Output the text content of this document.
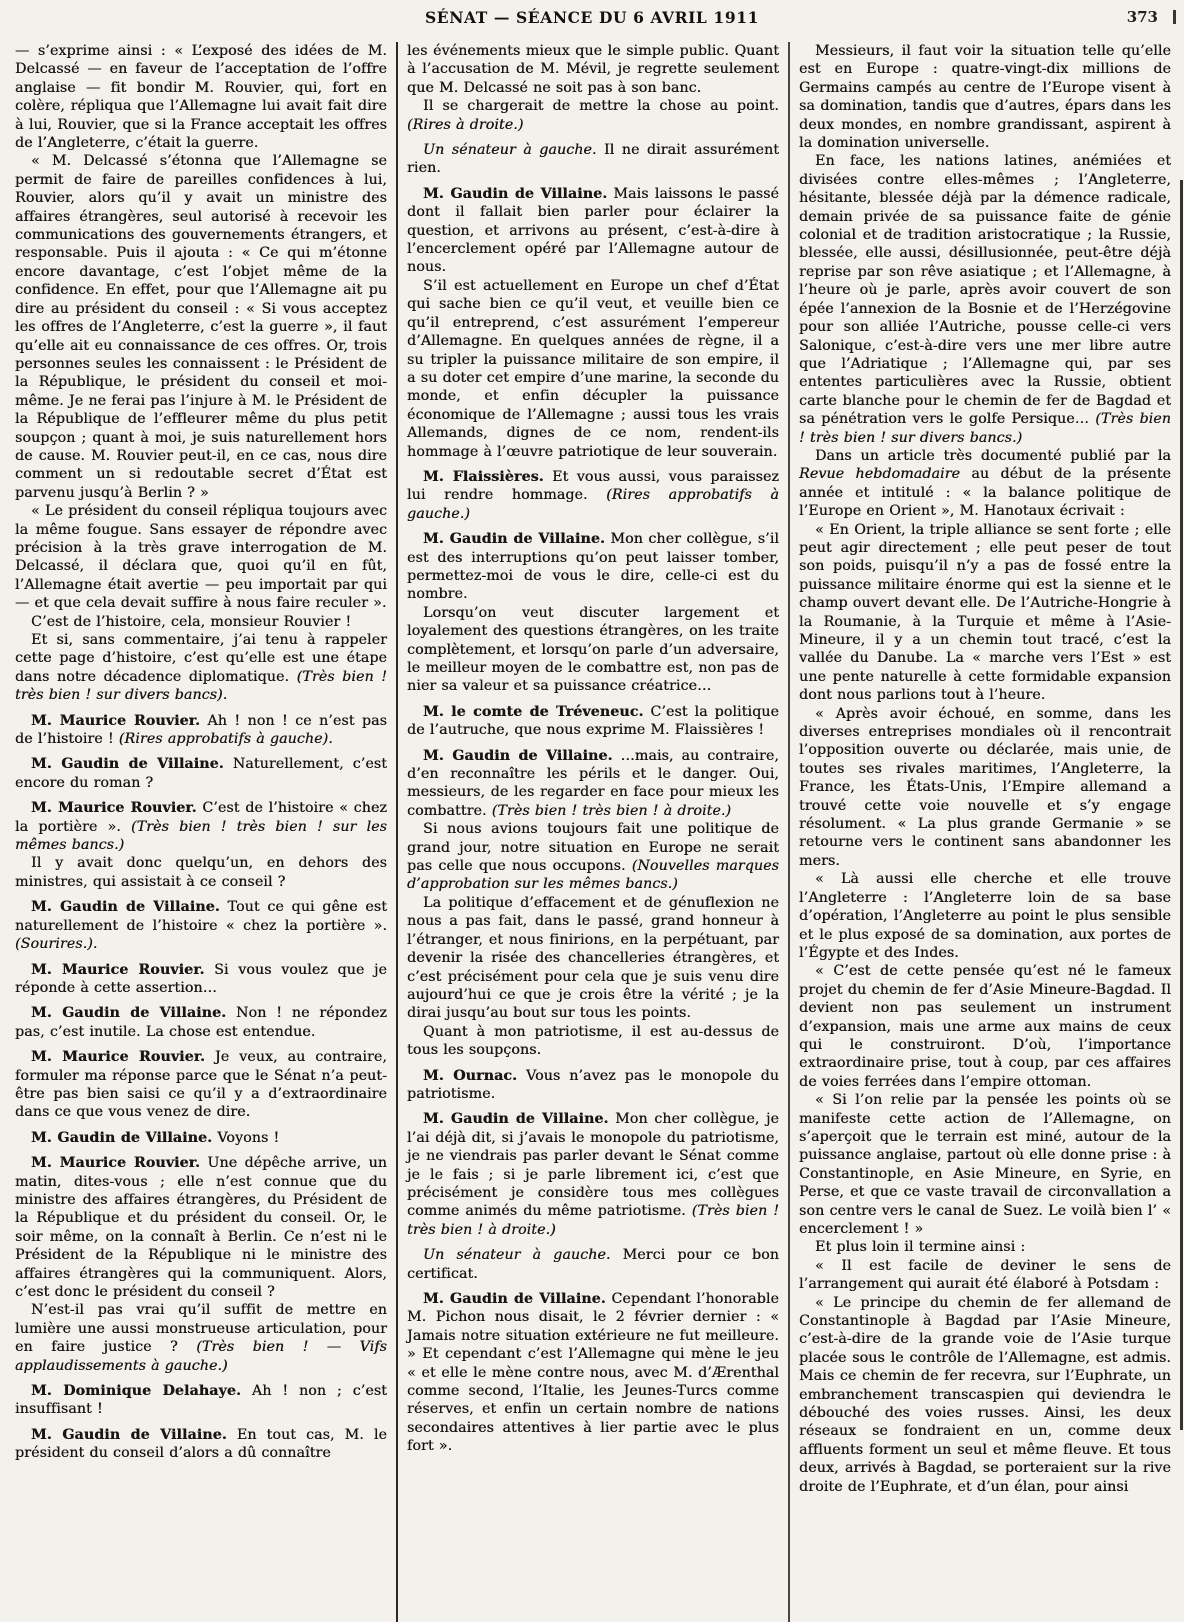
SÉNAT — SÉANCE DU 6 AVRIL 1911	373

— s’exprime ainsi : « L’exposé des idées de M. Delcassé — en faveur de l’acceptation de l’offre anglaise — fit bondir M. Rouvier, qui, fort en colère, répliqua que l’Allemagne lui avait fait dire à lui, Rouvier, que si la France acceptait les offres de l’Angleterre, c’était la guerre.

« M. Delcassé s’étonna que l’Allemagne se permit de faire de pareilles confidences à lui, Rouvier, alors qu’il y avait un ministre des affaires étrangères, seul autorisé à recevoir les communications des gouvernements étrangers, et responsable. Puis il ajouta : « Ce qui m’étonne encore davantage, c’est l’objet même de la confidence. En effet, pour que l’Allemagne ait pu dire au président du conseil : « Si vous acceptez les offres de l’Angleterre, c’est la guerre », il faut qu’elle ait eu connaissance de ces offres. Or, trois personnes seules les connaissent : le Président de la République, le président du conseil et moi-même. Je ne ferai pas l’injure à M. le Président de la République de l’effleurer même du plus petit soupçon ; quant à moi, je suis naturellement hors de cause. M. Rouvier peut-il, en ce cas, nous dire comment un si redoutable secret d’État est parvenu jusqu’à Berlin ? »

« Le président du conseil répliqua toujours avec la même fougue. Sans essayer de répondre avec précision à la très grave interrogation de M. Delcassé, il déclara que, quoi qu’il en fût, l’Allemagne était avertie — peu importait par qui — et que cela devait suffire à nous faire reculer ».

C’est de l’histoire, cela, monsieur Rouvier !

Et si, sans commentaire, j’ai tenu à rappeler cette page d’histoire, c’est qu’elle est une étape dans notre décadence diplomatique. (Très bien ! très bien ! sur divers bancs).

M. Maurice Rouvier. Ah ! non ! ce n’est pas de l’histoire ! (Rires approbatifs à gauche).

M. Gaudin de Villaine. Naturellement, c’est encore du roman ?

M. Maurice Rouvier. C’est de l’histoire « chez la portière ». (Très bien ! très bien ! sur les mêmes bancs.)

Il y avait donc quelqu’un, en dehors des ministres, qui assistait à ce conseil ?

M. Gaudin de Villaine. Tout ce qui gêne est naturellement de l’histoire « chez la portière ». (Sourires.).

M. Maurice Rouvier. Si vous voulez que je réponde à cette assertion…

M. Gaudin de Villaine. Non ! ne répondez pas, c’est inutile. La chose est entendue.

M. Maurice Rouvier. Je veux, au contraire, formuler ma réponse parce que le Sénat n’a peut-être pas bien saisi ce qu’il y a d’extraordinaire dans ce que vous venez de dire.

M. Gaudin de Villaine. Voyons !

M. Maurice Rouvier. Une dépêche arrive, un matin, dites-vous ; elle n’est connue que du ministre des affaires étrangères, du Président de la République et du président du conseil. Or, le soir même, on la connaît à Berlin. Ce n’est ni le Président de la République ni le ministre des affaires étrangères qui la communiquent. Alors, c’est donc le président du conseil ?

N’est-il pas vrai qu’il suffit de mettre en lumière une aussi monstrueuse articulation, pour en faire justice ? (Très bien ! — Vifs applaudissements à gauche.)

M. Dominique Delahaye. Ah ! non ; c’est insuffisant !

M. Gaudin de Villaine. En tout cas, M. le président du conseil d’alors a dû connaître

les événements mieux que le simple public. Quant à l’accusation de M. Mévil, je regrette seulement que M. Delcassé ne soit pas à son banc.

Il se chargerait de mettre la chose au point. (Rires à droite.)

Un sénateur à gauche. Il ne dirait assurément rien.

M. Gaudin de Villaine. Mais laissons le passé dont il fallait bien parler pour éclairer la question, et arrivons au présent, c’est-à-dire à l’encerclement opéré par l’Allemagne autour de nous.

S’il est actuellement en Europe un chef d’État qui sache bien ce qu’il veut, et veuille bien ce qu’il entreprend, c’est assurément l’empereur d’Allemagne. En quelques années de règne, il a su tripler la puissance militaire de son empire, il a su doter cet empire d’une marine, la seconde du monde, et enfin décupler la puissance économique de l’Allemagne ; aussi tous les vrais Allemands, dignes de ce nom, rendent-ils hommage à l’œuvre patriotique de leur souverain.

M. Flaissières. Et vous aussi, vous paraissez lui rendre hommage. (Rires approbatifs à gauche.)

M. Gaudin de Villaine. Mon cher collègue, s’il est des interruptions qu’on peut laisser tomber, permettez-moi de vous le dire, celle-ci est du nombre.

Lorsqu’on veut discuter largement et loyalement des questions étrangères, on les traite complètement, et lorsqu’on parle d’un adversaire, le meilleur moyen de le combattre est, non pas de nier sa valeur et sa puissance créatrice…

M. le comte de Tréveneuc. C’est la politique de l’autruche, que nous exprime M. Flaissières !

M. Gaudin de Villaine. …mais, au contraire, d’en reconnaître les périls et le danger. Oui, messieurs, de les regarder en face pour mieux les combattre. (Très bien ! très bien ! à droite.)

Si nous avions toujours fait une politique de grand jour, notre situation en Europe ne serait pas celle que nous occupons. (Nouvelles marques d’approbation sur les mêmes bancs.)

La politique d’effacement et de génuflexion ne nous a pas fait, dans le passé, grand honneur à l’étranger, et nous finirions, en la perpétuant, par devenir la risée des chancelleries étrangères, et c’est précisément pour cela que je suis venu dire aujourd’hui ce que je crois être la vérité ; je la dirai jusqu’au bout sur tous les points.

Quant à mon patriotisme, il est au-dessus de tous les soupçons.

M. Ournac. Vous n’avez pas le monopole du patriotisme.

M. Gaudin de Villaine. Mon cher collègue, je l’ai déjà dit, si j’avais le monopole du patriotisme, je ne viendrais pas parler devant le Sénat comme je le fais ; si je parle librement ici, c’est que précisément je considère tous mes collègues comme animés du même patriotisme. (Très bien ! très bien ! à droite.)

Un sénateur à gauche. Merci pour ce bon certificat.

M. Gaudin de Villaine. Cependant l’honorable M. Pichon nous disait, le 2 février dernier : « Jamais notre situation extérieure ne fut meilleure. » Et cependant c’est l’Allemagne qui mène le jeu « et elle le mène contre nous, avec M. d’Ærenthal comme second, l’Italie, les Jeunes-Turcs comme réserves, et enfin un certain nombre de nations secondaires attentives à lier partie avec le plus fort ».

Messieurs, il faut voir la situation telle qu’elle est en Europe : quatre-vingt-dix millions de Germains campés au centre de l’Europe visent à sa domination, tandis que d’autres, épars dans les deux mondes, en nombre grandissant, aspirent à la domination universelle.

En face, les nations latines, anémiées et divisées contre elles-mêmes ; l’Angleterre, hésitante, blessée déjà par la démence radicale, demain privée de sa puissance faite de génie colonial et de tradition aristocratique ; la Russie, blessée, elle aussi, désillusionnée, peut-être déjà reprise par son rêve asiatique ; et l’Allemagne, à l’heure où je parle, après avoir couvert de son épée l’annexion de la Bosnie et de l’Herzégovine pour son alliée l’Autriche, pousse celle-ci vers Salonique, c’est-à-dire vers une mer libre autre que l’Adriatique ; l’Allemagne qui, par ses ententes particulières avec la Russie, obtient carte blanche pour le chemin de fer de Bagdad et sa pénétration vers le golfe Persique… (Très bien ! très bien ! sur divers bancs.)

Dans un article très documenté publié par la Revue hebdomadaire au début de la présente année et intitulé : « la balance politique de l’Europe en Orient », M. Hanotaux écrivait :

« En Orient, la triple alliance se sent forte ; elle peut agir directement ; elle peut peser de tout son poids, puisqu’il n’y a pas de fossé entre la puissance militaire énorme qui est la sienne et le champ ouvert devant elle. De l’Autriche-Hongrie à la Roumanie, à la Turquie et même à l’Asie-Mineure, il y a un chemin tout tracé, c’est la vallée du Danube. La « marche vers l’Est » est une pente naturelle à cette formidable expansion dont nous parlions tout à l’heure.

« Après avoir échoué, en somme, dans les diverses entreprises mondiales où il rencontrait l’opposition ouverte ou déclarée, mais unie, de toutes ses rivales maritimes, l’Angleterre, la France, les États-Unis, l’Empire allemand a trouvé cette voie nouvelle et s’y engage résolument. « La plus grande Germanie » se retourne vers le continent sans abandonner les mers.

« Là aussi elle cherche et elle trouve l’Angleterre : l’Angleterre loin de sa base d’opération, l’Angleterre au point le plus sensible et le plus exposé de sa domination, aux portes de l’Égypte et des Indes.

« C’est de cette pensée qu’est né le fameux projet du chemin de fer d’Asie Mineure-Bagdad. Il devient non pas seulement un instrument d’expansion, mais une arme aux mains de ceux qui le construiront. D’où, l’importance extraordinaire prise, tout à coup, par ces affaires de voies ferrées dans l’empire ottoman.

« Si l’on relie par la pensée les points où se manifeste cette action de l’Allemagne, on s’aperçoit que le terrain est miné, autour de la puissance anglaise, partout où elle donne prise : à Constantinople, en Asie Mineure, en Syrie, en Perse, et que ce vaste travail de circonvallation a son centre vers le canal de Suez. Le voilà bien l’ « encerclement ! »

Et plus loin il termine ainsi :

« Il est facile de deviner le sens de l’arrangement qui aurait été élaboré à Potsdam :

« Le principe du chemin de fer allemand de Constantinople à Bagdad par l’Asie Mineure, c’est-à-dire de la grande voie de l’Asie turque placée sous le contrôle de l’Allemagne, est admis. Mais ce chemin de fer recevra, sur l’Euphrate, un embranchement transcaspien qui deviendra le débouché des voies russes. Ainsi, les deux réseaux se fondraient en un, comme deux affluents forment un seul et même fleuve. Et tous deux, arrivés à Bagdad, se porteraient sur la rive droite de l’Euphrate, et d’un élan, pour ainsi
